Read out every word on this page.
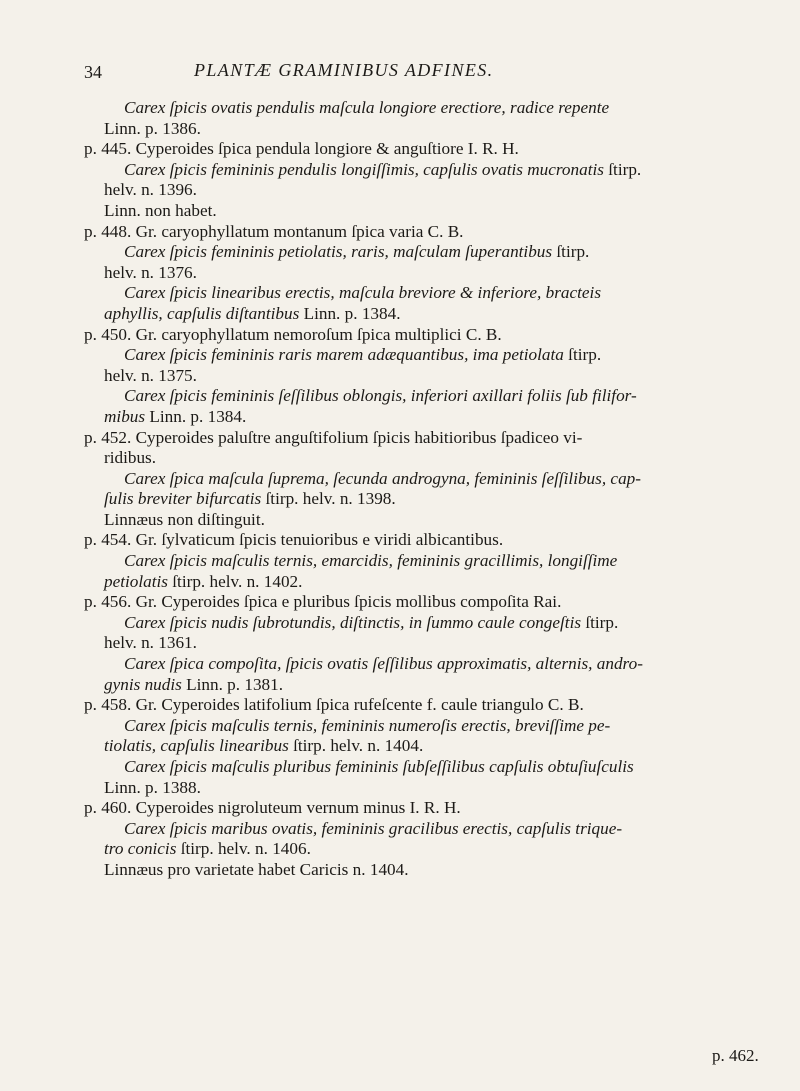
34	PLANTÆ GRAMINIBUS ADFINES.
Carex ſpicis ovatis pendulis maſcula longiore erectiore, radice repente
Linn. p. 1386.
p. 445. Cyperoides ſpica pendula longiore & anguſtiore I. R. H.
Carex ſpicis femininis pendulis longiſſimis, capſulis ovatis mucronatis ſtirp.
helv. n. 1396.
Linn. non habet.
p. 448. Gr. caryophyllatum montanum ſpica varia C. B.
Carex ſpicis femininis petiolatis, raris, maſculam ſuperantibus ſtirp.
helv. n. 1376.
Carex ſpicis linearibus erectis, maſcula breviore & inferiore, bracteis
aphyllis, capſulis diſtantibus Linn. p. 1384.
p. 450. Gr. caryophyllatum nemoroſum ſpica multiplici C. B.
Carex ſpicis femininis raris marem adæquantibus, ima petiolata ſtirp.
helv. n. 1375.
Carex ſpicis femininis ſeſſilibus oblongis, inferiori axillari foliis ſub filifor-
mibus Linn. p. 1384.
p. 452. Cyperoides paluſtre anguſtifolium ſpicis habitioribus ſpadiceo vi-
ridibus.
Carex ſpica maſcula ſuprema, ſecunda androgyna, femininis ſeſſilibus, cap-
ſulis breviter bifurcatis ſtirp. helv. n. 1398.
Linnæus non diſtinguit.
p. 454. Gr. ſylvaticum ſpicis tenuioribus e viridi albicantibus.
Carex ſpicis maſculis ternis, emarcidis, femininis gracillimis, longiſſime
petiolatis ſtirp. helv. n. 1402.
p. 456. Gr. Cyperoides ſpica e pluribus ſpicis mollibus compoſita Rai.
Carex ſpicis nudis ſubrotundis, diſtinctis, in ſummo caule congeſtis ſtirp.
helv. n. 1361.
Carex ſpica compoſita, ſpicis ovatis ſeſſilibus approximatis, alternis, andro-
gynis nudis Linn. p. 1381.
p. 458. Gr. Cyperoides latifolium ſpica rufeſcente f. caule triangulo C. B.
Carex ſpicis maſculis ternis, femininis numeroſis erectis, breviſſime pe-
tiolatis, capſulis linearibus ſtirp. helv. n. 1404.
Carex ſpicis maſculis pluribus femininis ſubſeſſilibus capſulis obtuſiuſculis
Linn. p. 1388.
p. 460. Cyperoides nigroluteum vernum minus I. R. H.
Carex ſpicis maribus ovatis, femininis gracilibus erectis, capſulis trique-
tro conicis ſtirp. helv. n. 1406.
Linnæus pro varietate habet Caricis n. 1404.
p. 462.
